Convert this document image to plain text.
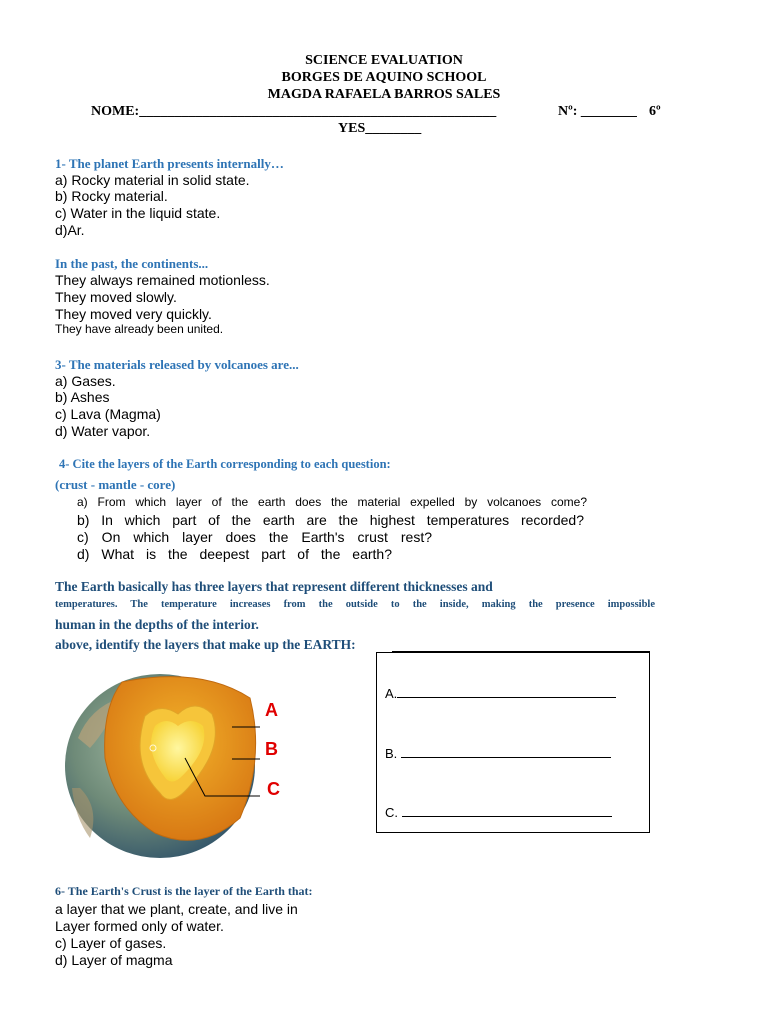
SCIENCE EVALUATION
BORGES DE AQUINO SCHOOL
MAGDA RAFAELA BARROS SALES
NOME:___________________________________________________	Nº: ________ 6º
YES________
1- The planet Earth presents internally…
a) Rocky material in solid state.
b) Rocky material.
c) Water in the liquid state.
d)Ar.
In the past, the continents...
They always remained motionless.
They moved slowly.
They moved very quickly.
They have already been united.
3- The materials released by volcanoes are...
a) Gases.
b) Ashes
c) Lava (Magma)
d) Water vapor.
4- Cite the layers of the Earth corresponding to each question:
(crust - mantle - core)
a) From which layer of the earth does the material expelled by volcanoes come?
b) In which part of the earth are the highest temperatures recorded?
c) On which layer does the Earth's crust rest?
d) What is the deepest part of the earth?
The Earth basically has three layers that represent different thicknesses and
temperatures. The temperature increases from the outside to the inside, making the presence impossible
human in the depths of the interior.
above, identify the layers that make up the EARTH:
A
B
C
A.
B.
C.
6- The Earth's Crust is the layer of the Earth that:
a layer that we plant, create, and live in
Layer formed only of water.
c) Layer of gases.
d) Layer of magma
